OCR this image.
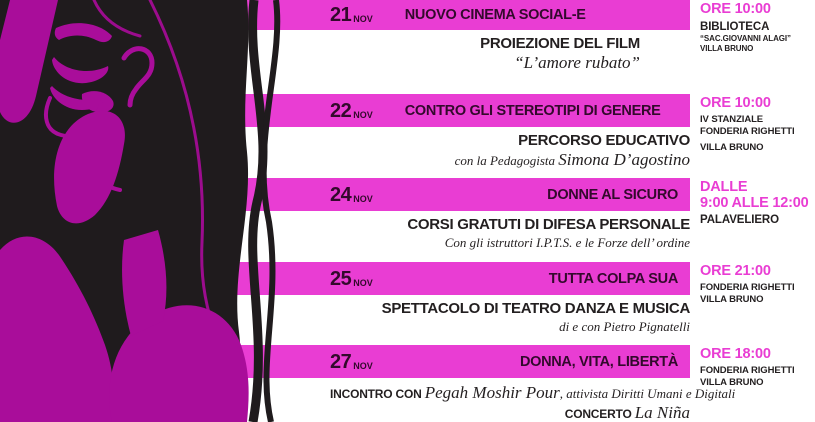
21 NOV NUOVO CINEMA SOCIAL-E
PROIEZIONE DEL FILM
“L’amore rubato”
ORE 10:00
BIBLIOTECA
“SAC.GIOVANNI ALAGI”
VILLA BRUNO
22 NOV CONTRO GLI STEREOTIPI DI GENERE
PERCORSO EDUCATIVO
con la Pedagogista Simona D’agostino
ORE 10:00
IV STANZIALE
FONDERIA RIGHETTI
VILLA BRUNO
24 NOV	DONNE AL SICURO
CORSI GRATUTI DI DIFESA PERSONALE
Con gli istruttori I.P.T.S. e le Forze dell’ ordine
DALLE
9:00 ALLE 12:00
PALAVELIERO
25 NOV	TUTTA COLPA SUA
SPETTACOLO DI TEATRO DANZA E MUSICA
di e con Pietro Pignatelli
ORE 21:00
FONDERIA RIGHETTI
VILLA BRUNO
27 NOV	DONNA, VITA, LIBERTÀ
INCONTRO CON Pegah Moshir Pour, attivista Diritti Umani e Digitali
CONCERTO La Niña
ORE 18:00
FONDERIA RIGHETTI
VILLA BRUNO
